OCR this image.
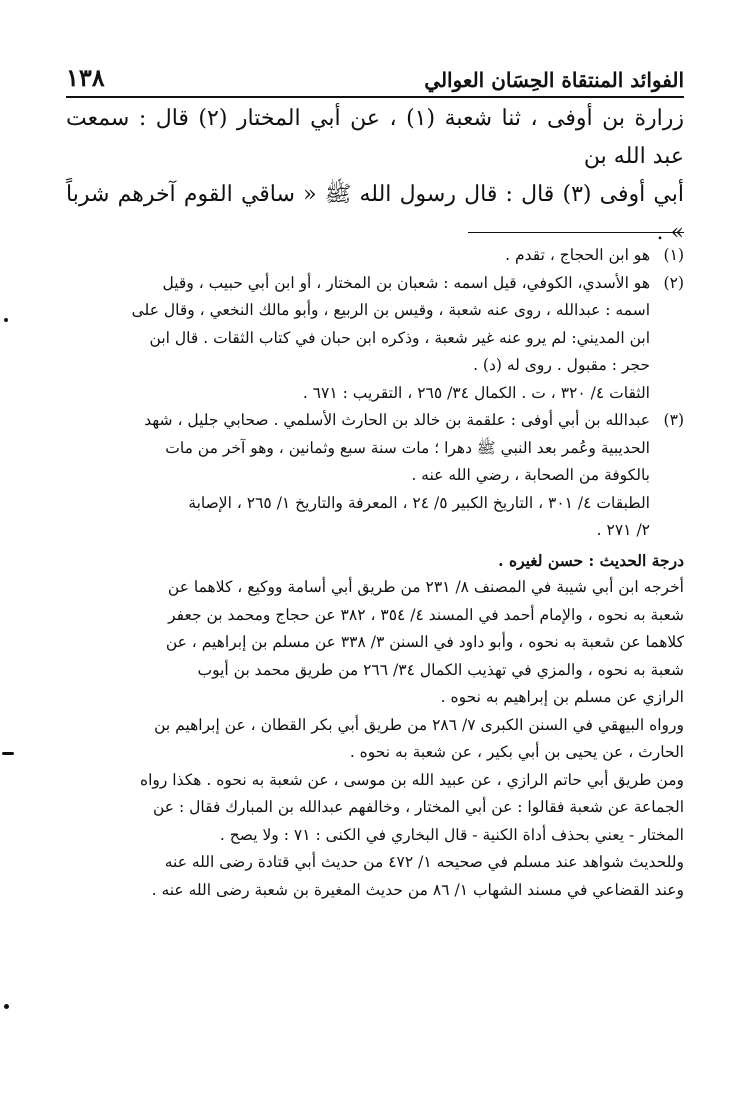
الفوائد المنتقاة الحِسَان العوالي
١٣٨

زرارة بن أوفى ، ثنا شعبة (١) ، عن أبي المختار (٢) قال : سمعت عبد الله بن

أبي أوفى (٣) قال : قال رسول الله ﷺ « ساقي القوم آخرهم شرباً » .

(١)

هو ابن الحجاج ، تقدم .

(٢)

هو الأسدي، الكوفي، قيل اسمه : شعبان بن المختار ، أو ابن أبي حبيب ، وقيل

اسمه : عبدالله ، روى عنه شعبة ، وقيس بن الربيع ، وأبو مالك النخعي ، وقال على

ابن المديني: لم يرو عنه غير شعبة ، وذكره ابن حبان في كتاب الثقات . قال ابن

حجر : مقبول . روى له (د) .

الثقات ٤/ ٣٢٠ ، ت . الكمال ٣٤/ ٢٦٥ ، التقريب : ٦٧١ .

(٣)

عبدالله بن أبي أوفى : علقمة بن خالد بن الحارث الأسلمي . صحابي جليل ، شهد

الحديبية وعُمر بعد النبي ﷺ دهرا ؛ مات سنة سبع وثمانين ، وهو آخر من مات

بالكوفة من الصحابة ، رضي الله عنه .

الطبقات ٤/ ٣٠١ ، التاريخ الكبير ٥/ ٢٤ ، المعرفة والتاريخ ١/ ٢٦٥ ، الإصابة

٢/ ٢٧١ .

درجة الحديث : حسن لغيره .

أخرجه ابن أبي شيبة في المصنف ٨/ ٢٣١ من طريق أبي أسامة ووكيع ، كلاهما عن

شعبة به نحوه ، والإمام أحمد في المسند ٤/ ٣٥٤ ، ٣٨٢ عن حجاج ومحمد بن جعفر

كلاهما عن شعبة به نحوه ، وأبو داود في السنن ٣/ ٣٣٨ عن مسلم بن إبراهيم ، عن

شعبة به نحوه ، والمزي في تهذيب الكمال ٣٤/ ٢٦٦ من طريق محمد بن أيوب

الرازي عن مسلم بن إبراهيم به نحوه .

ورواه البيهقي في السنن الكبرى ٧/ ٢٨٦ من طريق أبي بكر القطان ، عن إبراهيم بن

الحارث ، عن يحيى بن أبي بكير ، عن شعبة به نحوه .

ومن طريق أبي حاتم الرازي ، عن عبيد الله بن موسى ، عن شعبة به نحوه . هكذا رواه

الجماعة عن شعبة فقالوا : عن أبي المختار ، وخالفهم عبدالله بن المبارك فقال : عن

المختار - يعني بحذف أداة الكنية - قال البخاري في الكنى : ٧١ : ولا يصح .

وللحديث شواهد عند مسلم في صحيحه ١/ ٤٧٢ من حديث أبي قتادة رضى الله عنه

وعند القضاعي في مسند الشهاب ١/ ٨٦ من حديث المغيرة بن شعبة رضى الله عنه .
